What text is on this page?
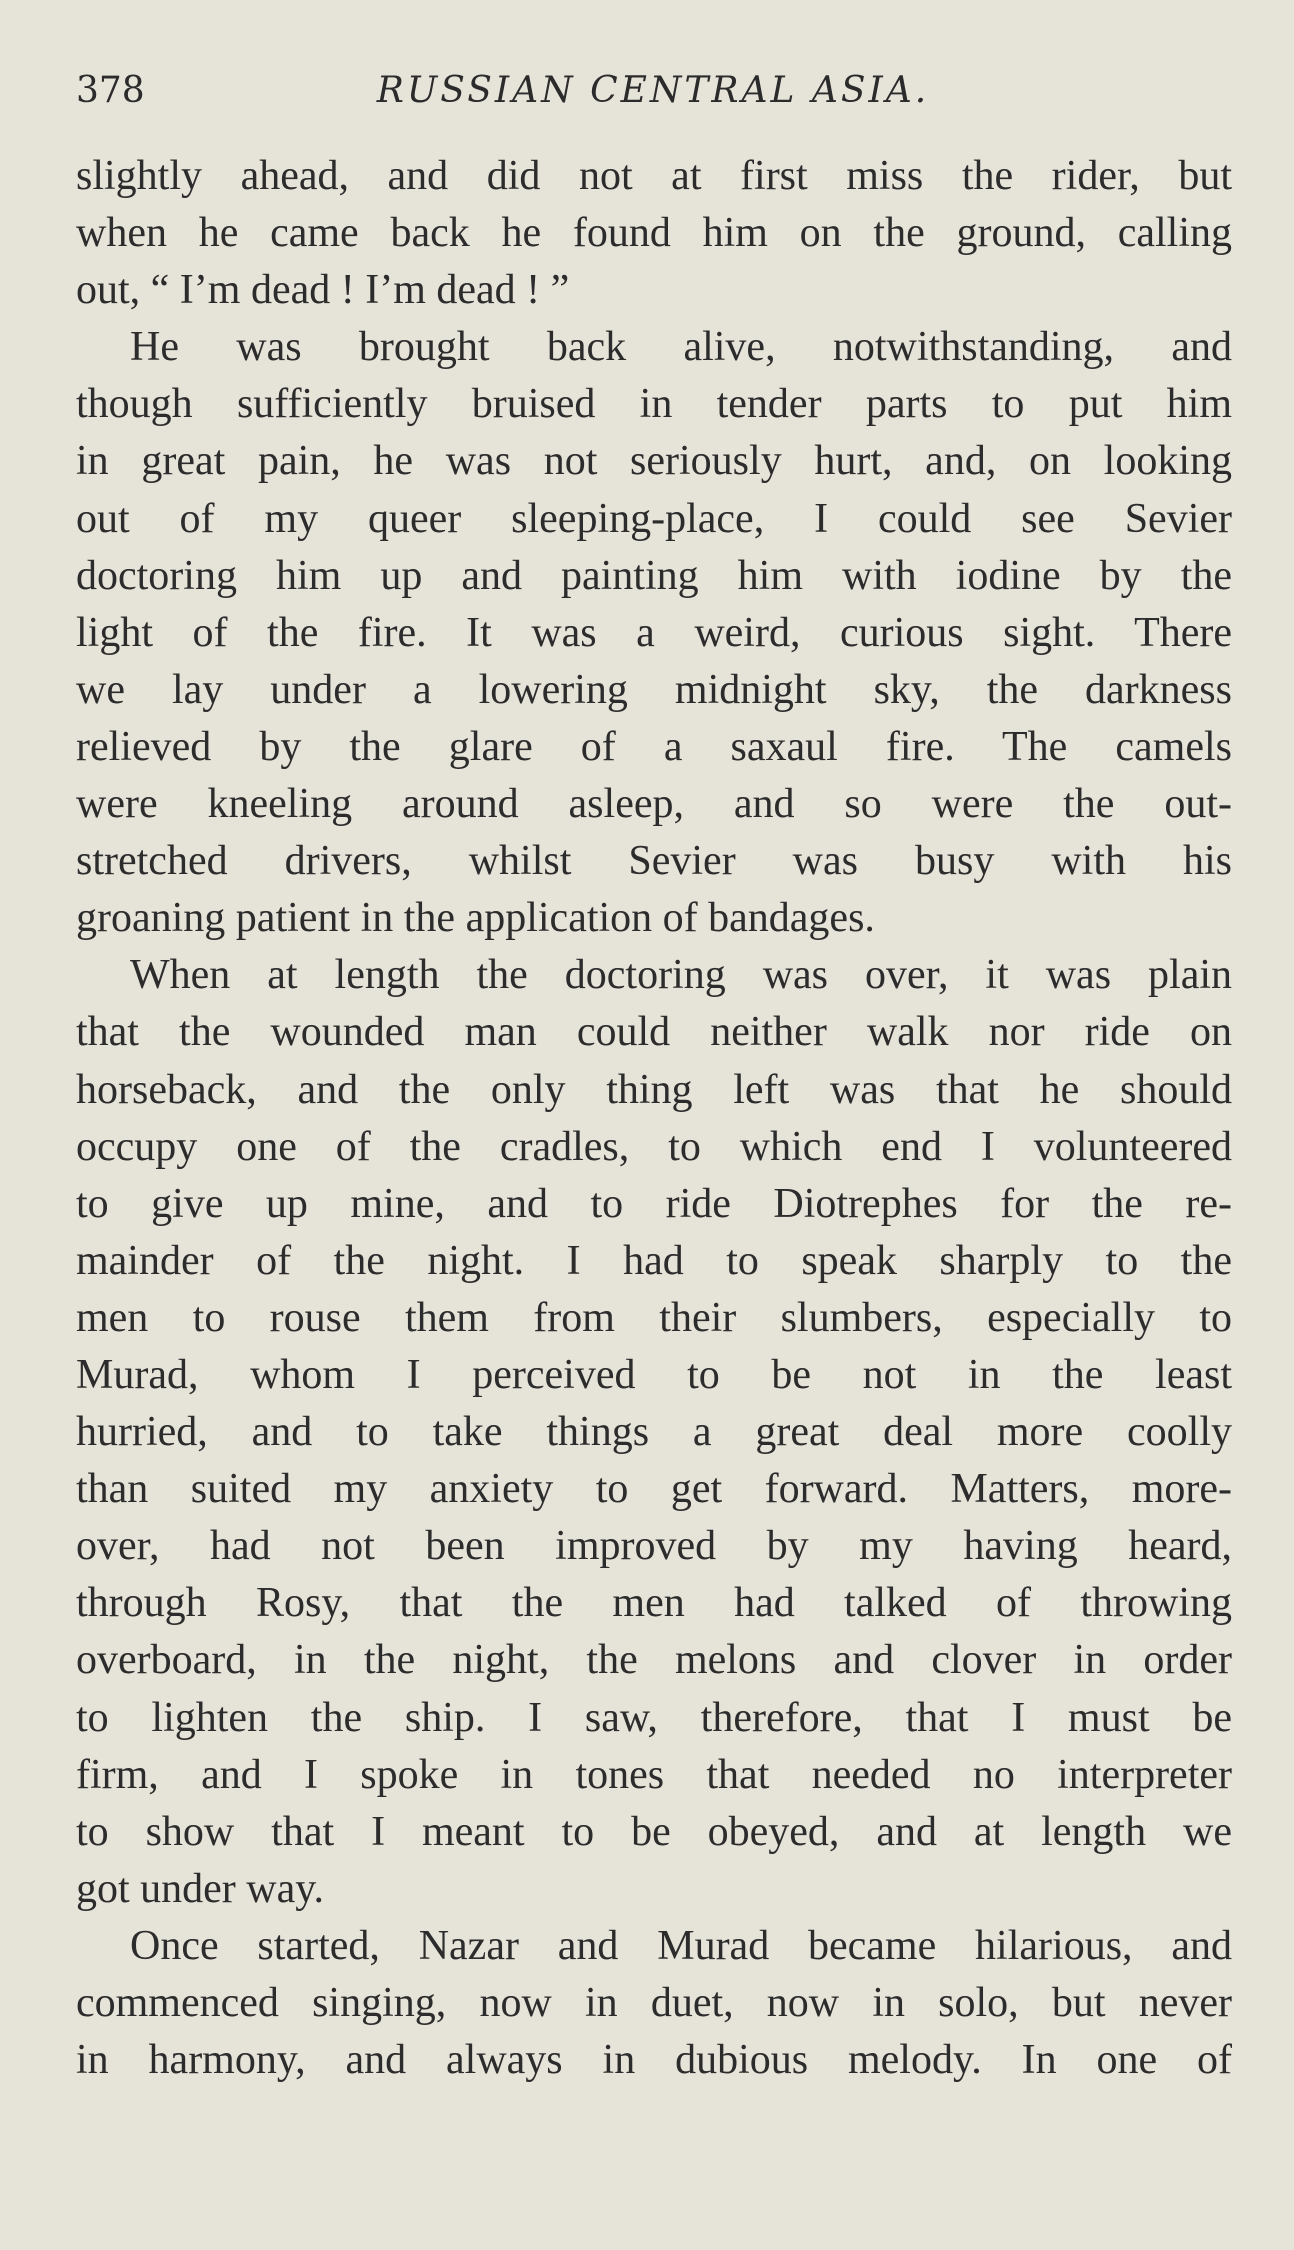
378	RUSSIAN CENTRAL ASIA.
slightly ahead, and did not at first miss the rider, but
when he came back he found him on the ground, calling
out, “ I’m dead ! I’m dead ! ”
He was brought back alive, notwithstanding, and
though sufficiently bruised in tender parts to put him
in great pain, he was not seriously hurt, and, on looking
out of my queer sleeping-place, I could see Sevier
doctoring him up and painting him with iodine by the
light of the fire. It was a weird, curious sight. There
we lay under a lowering midnight sky, the darkness
relieved by the glare of a saxaul fire. The camels
were kneeling around asleep, and so were the out-
stretched drivers, whilst Sevier was busy with his
groaning patient in the application of bandages.
When at length the doctoring was over, it was plain
that the wounded man could neither walk nor ride on
horseback, and the only thing left was that he should
occupy one of the cradles, to which end I volunteered
to give up mine, and to ride Diotrephes for the re-
mainder of the night. I had to speak sharply to the
men to rouse them from their slumbers, especially to
Murad, whom I perceived to be not in the least
hurried, and to take things a great deal more coolly
than suited my anxiety to get forward. Matters, more-
over, had not been improved by my having heard,
through Rosy, that the men had talked of throwing
overboard, in the night, the melons and clover in order
to lighten the ship. I saw, therefore, that I must be
firm, and I spoke in tones that needed no interpreter
to show that I meant to be obeyed, and at length we
got under way.
Once started, Nazar and Murad became hilarious, and
commenced singing, now in duet, now in solo, but never
in harmony, and always in dubious melody. In one of
